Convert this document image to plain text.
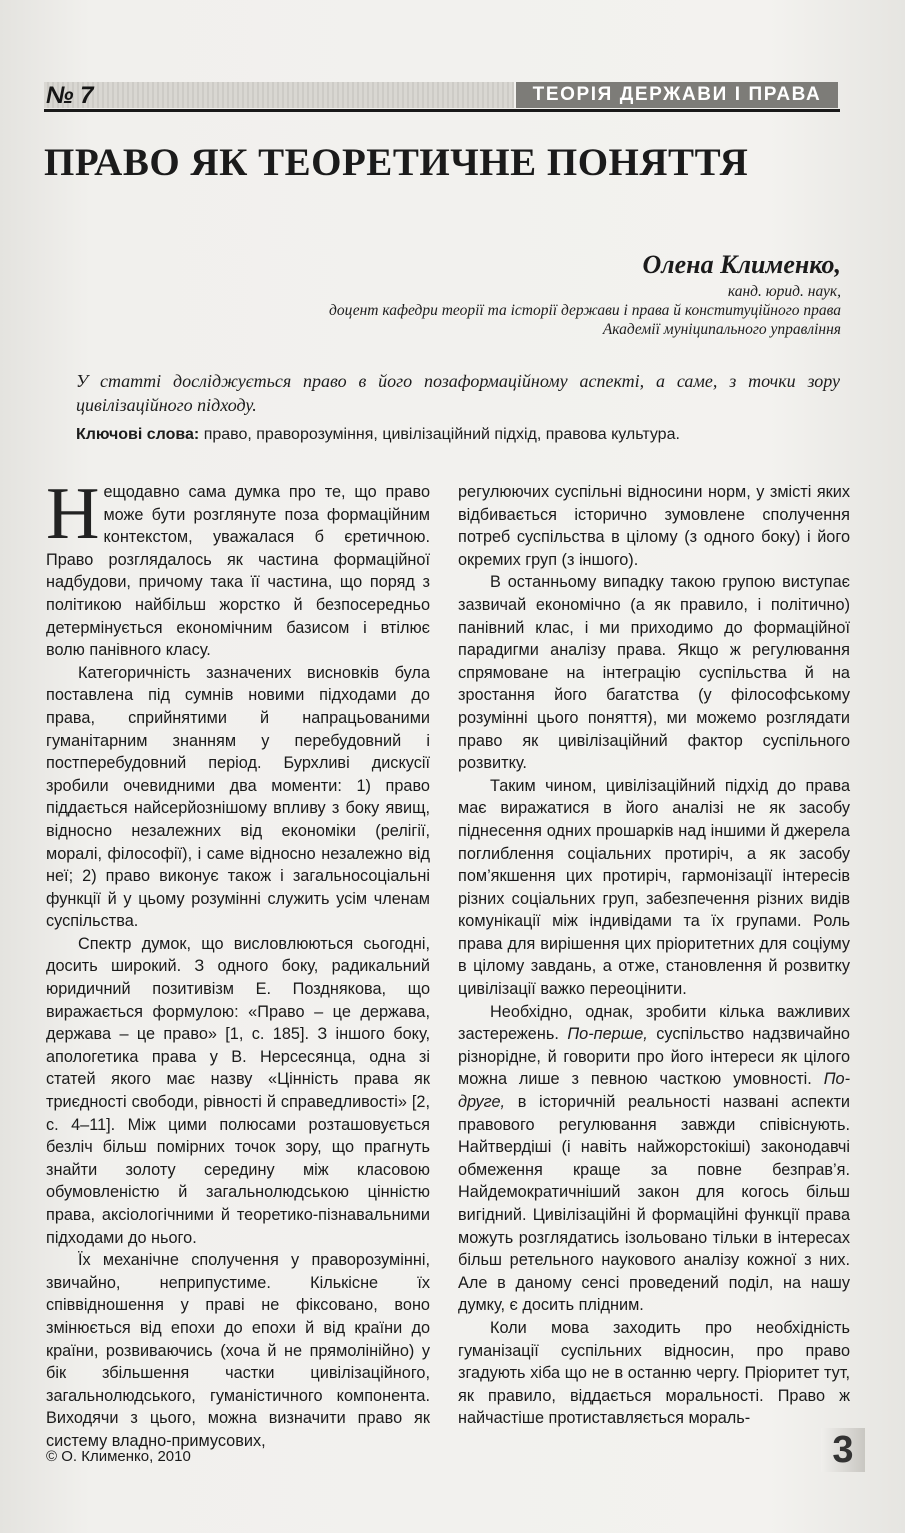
№ 7	ТЕОРІЯ ДЕРЖАВИ І ПРАВА
ПРАВО ЯК ТЕОРЕТИЧНЕ ПОНЯТТЯ
Олена Клименко,
канд. юрид. наук,
доцент кафедри теорії та історії держави і права й конституційного права
Академії муніципального управління
У статті досліджується право в його позаформаційному аспекті, а саме, з точки зору цивілізаційного підходу.
Ключові слова: право, праворозуміння, цивілізаційний підхід, правова культура.

Нещодавно сама думка про те, що право може бути розглянуте поза формаційним контекстом, уважалася б єретичною. Право розглядалось як частина формаційної надбудови, причому така її частина, що поряд з політикою найбільш жорстко й безпосередньо детермінується економічним базисом і втілює волю панівного класу.

Категоричність зазначених висновків була поставлена під сумнів новими підходами до права, сприйнятими й напрацьованими гуманітарним знанням у перебудовний і постперебудовний період. Бурхливі дискусії зробили очевидними два моменти: 1) право піддається найсерйознішому впливу з боку явищ, відносно незалежних від економіки (релігії, моралі, філософії), і саме відносно незалежно від неї; 2) право виконує також і загальносоціальні функції й у цьому розумінні служить усім членам суспільства.

Спектр думок, що висловлюються сьогодні, досить широкий. З одного боку, радикальний юридичний позитивізм Е. Позднякова, що виражається формулою: «Право – це держава, держава – це право» [1, с. 185]. З іншого боку, апологетика права у В. Нерсесянца, одна зі статей якого має назву «Цінність права як триєдності свободи, рівності й справедливості» [2, с. 4–11]. Між цими полюсами розташовується безліч більш помірних точок зору, що прагнуть знайти золоту середину між класовою обумовленістю й загальнолюдською цінністю права, аксіологічними й теоретико-пізнавальними підходами до нього.

Їх механічне сполучення у праворозумінні, звичайно, неприпустиме. Кількісне їх співвідношення у праві не фіксовано, воно змінюється від епохи до епохи й від країни до країни, розвиваючись (хоча й не прямолінійно) у бік збільшення частки цивілізаційного, загальнолюдського, гуманістичного компонента. Виходячи з цього, можна визначити право як систему владно-примусових,

регулюючих суспільні відносини норм, у змісті яких відбивається історично зумовлене сполучення потреб суспільства в цілому (з одного боку) і його окремих груп (з іншого).

В останньому випадку такою групою виступає зазвичай економічно (а як правило, і політично) панівний клас, і ми приходимо до формаційної парадигми аналізу права. Якщо ж регулювання спрямоване на інтеграцію суспільства й на зростання його багатства (у філософському розумінні цього поняття), ми можемо розглядати право як цивілізаційний фактор суспільного розвитку.

Таким чином, цивілізаційний підхід до права має виражатися в його аналізі не як засобу піднесення одних прошарків над іншими й джерела поглиблення соціальних протиріч, а як засобу пом’якшення цих протиріч, гармонізації інтересів різних соціальних груп, забезпечення різних видів комунікації між індивідами та їх групами. Роль права для вирішення цих пріоритетних для соціуму в цілому завдань, а отже, становлення й розвитку цивілізації важко переоцінити.

Необхідно, однак, зробити кілька важливих застережень. По-перше, суспільство надзвичайно різнорідне, й говорити про його інтереси як цілого можна лише з певною часткою умовності. По-друге, в історичній реальності названі аспекти правового регулювання завжди співіснують. Найтвердіші (і навіть найжорстокіші) законодавчі обмеження краще за повне безправ’я. Найдемократичніший закон для когось більш вигідний. Цивілізаційні й формаційні функції права можуть розглядатись ізольовано тільки в інтересах більш ретельного наукового аналізу кожної з них. Але в даному сенсі проведений поділ, на нашу думку, є досить плідним.

Коли мова заходить про необхідність гуманізації суспільних відносин, про право згадують хіба що не в останню чергу. Пріоритет тут, як правило, віддається моральності. Право ж найчастіше протиставляється мораль-

© О. Клименко, 2010	3
